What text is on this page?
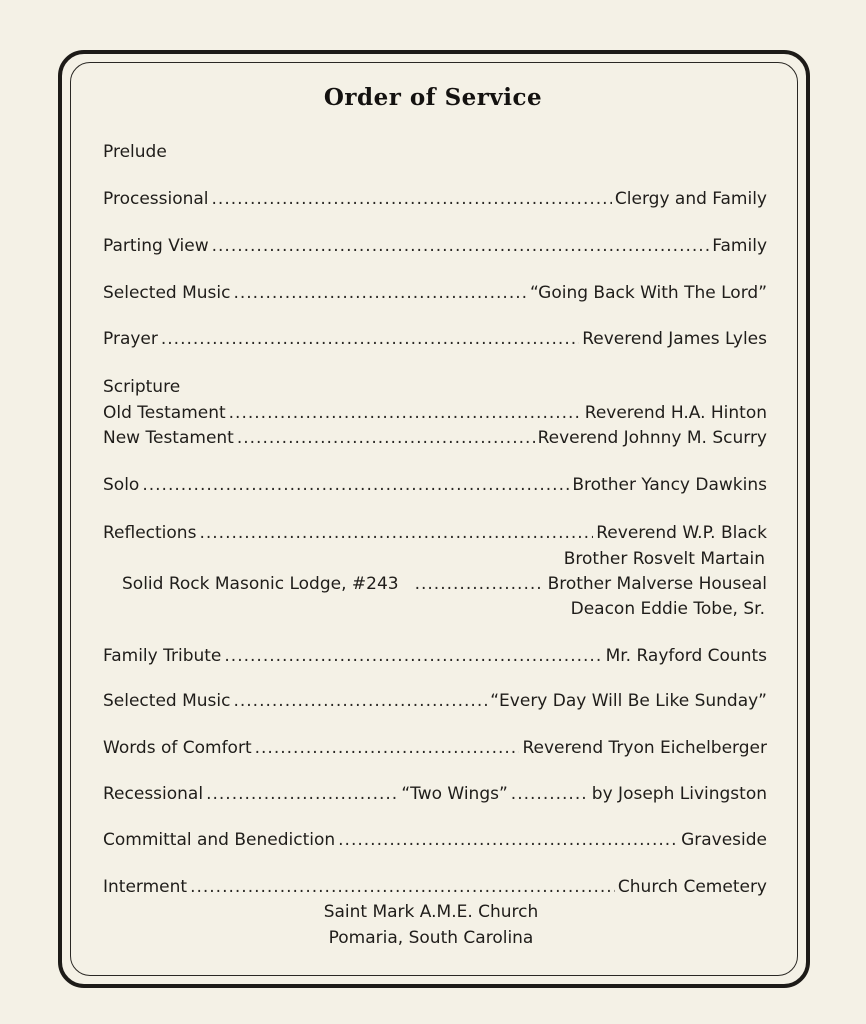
Order of Service
Prelude
Processional .....	Clergy and Family
Parting View .....	Family
Selected Music .....	“Going Back With The Lord”
Prayer .....	Reverend James Lyles
Scripture
Old Testament .....	Reverend H.A. Hinton
New Testament .....	Reverend Johnny M. Scurry
Solo .....	Brother Yancy Dawkins
Reflections .....	Reverend W.P. Black
Brother Rosvelt Martain
Solid Rock Masonic Lodge, #243 .....	Brother Malverse Houseal
Deacon Eddie Tobe, Sr.
Family Tribute .....	Mr. Rayford Counts
Selected Music .....	“Every Day Will Be Like Sunday”
Words of Comfort .....	Reverend Tryon Eichelberger
Recessional .....	“Two Wings” .....	by Joseph Livingston
Committal and Benediction .....	Graveside
Interment .....	Church Cemetery
Saint Mark A.M.E. Church
Pomaria, South Carolina
